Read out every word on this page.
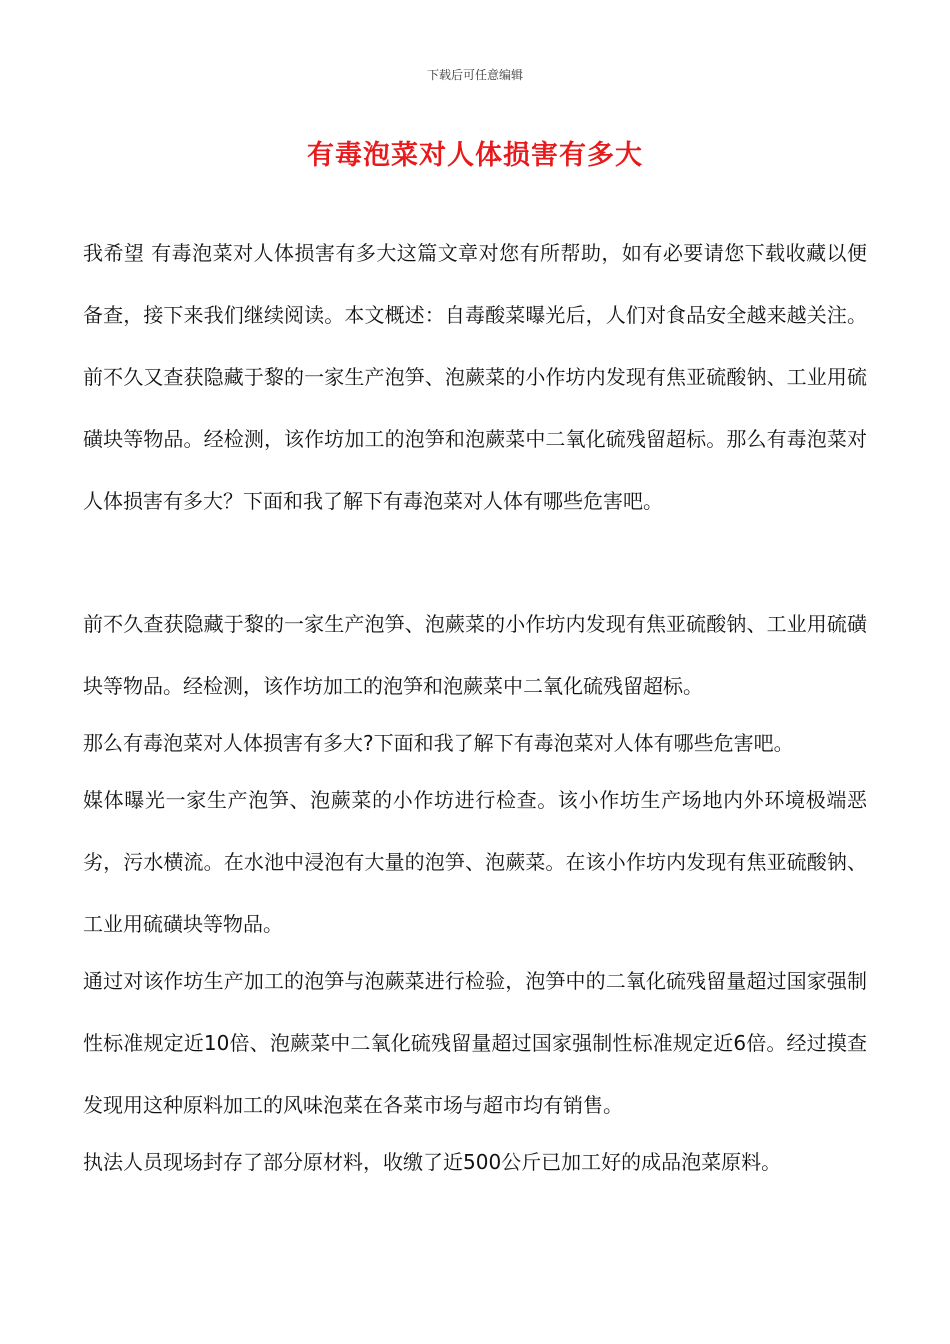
下载后可任意编辑
有毒泡菜对人体损害有多大

我希望 有毒泡菜对人体损害有多大这篇文章对您有所帮助，如有必要请您下载收藏以便备查，接下来我们继续阅读。本文概述：自毒酸菜曝光后，人们对食品安全越来越关注。前不久又查获隐藏于黎的一家生产泡笋、泡蕨菜的小作坊内发现有焦亚硫酸钠、工业用硫磺块等物品。经检测，该作坊加工的泡笋和泡蕨菜中二氧化硫残留超标。那么有毒泡菜对人体损害有多大？下面和我了解下有毒泡菜对人体有哪些危害吧。

前不久查获隐藏于黎的一家生产泡笋、泡蕨菜的小作坊内发现有焦亚硫酸钠、工业用硫磺块等物品。经检测，该作坊加工的泡笋和泡蕨菜中二氧化硫残留超标。

那么有毒泡菜对人体损害有多大?下面和我了解下有毒泡菜对人体有哪些危害吧。

媒体曝光一家生产泡笋、泡蕨菜的小作坊进行检查。该小作坊生产场地内外环境极端恶劣，污水横流。在水池中浸泡有大量的泡笋、泡蕨菜。在该小作坊内发现有焦亚硫酸钠、工业用硫磺块等物品。

通过对该作坊生产加工的泡笋与泡蕨菜进行检验，泡笋中的二氧化硫残留量超过国家强制性标准规定近10倍、泡蕨菜中二氧化硫残留量超过国家强制性标准规定近6倍。经过摸查发现用这种原料加工的风味泡菜在各菜市场与超市均有销售。

执法人员现场封存了部分原材料，收缴了近500公斤已加工好的成品泡菜原料。
